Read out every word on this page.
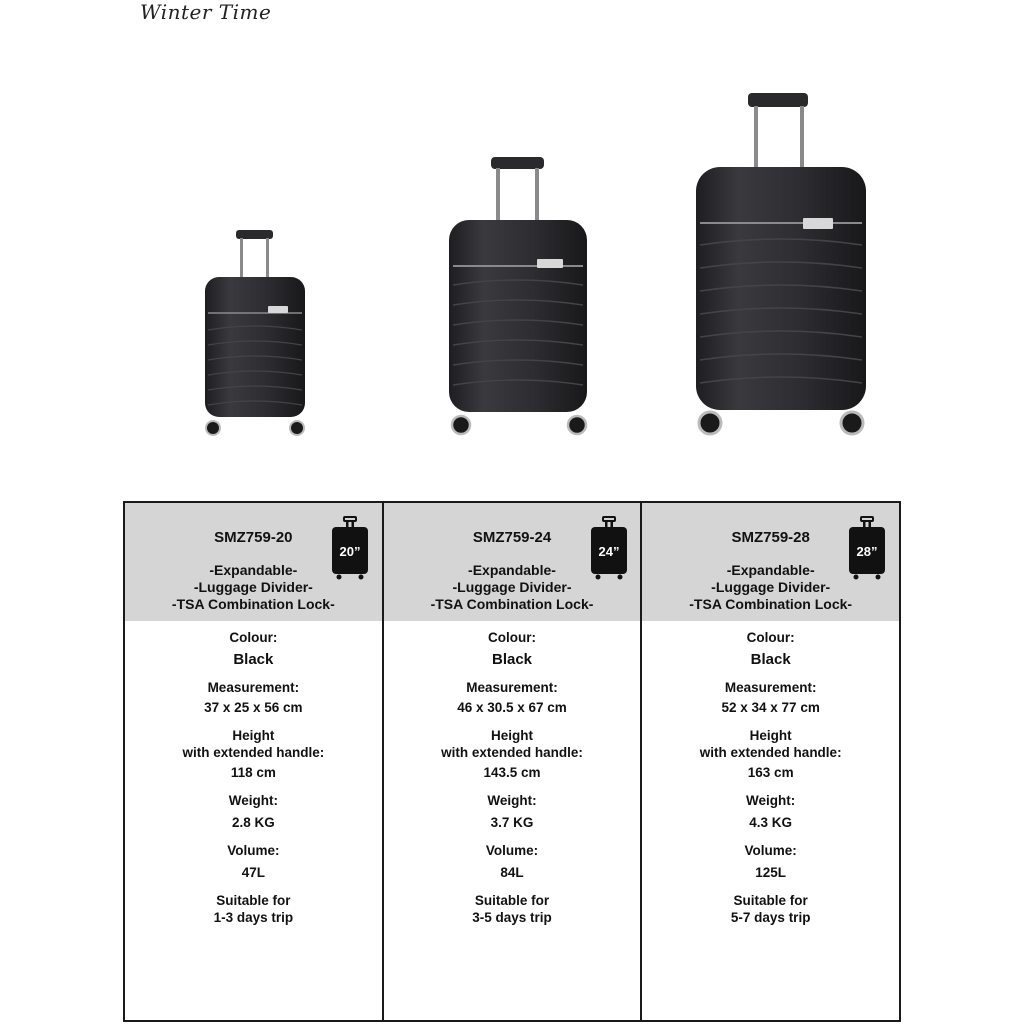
Winter Time
SMZ759-20
20”
-Expandable-
-Luggage Divider-
-TSA Combination Lock-
Colour:
Black
Measurement:
37 x 25 x 56 cm
Height
with extended handle:
118 cm
Weight:
2.8 KG
Volume:
47L
Suitable for
1-3 days trip
SMZ759-24
24”
-Expandable-
-Luggage Divider-
-TSA Combination Lock-
Colour:
Black
Measurement:
46 x 30.5 x 67 cm
Height
with extended handle:
143.5 cm
Weight:
3.7 KG
Volume:
84L
Suitable for
3-5 days trip
SMZ759-28
28”
-Expandable-
-Luggage Divider-
-TSA Combination Lock-
Colour:
Black
Measurement:
52 x 34 x 77 cm
Height
with extended handle:
163 cm
Weight:
4.3 KG
Volume:
125L
Suitable for
5-7 days trip
